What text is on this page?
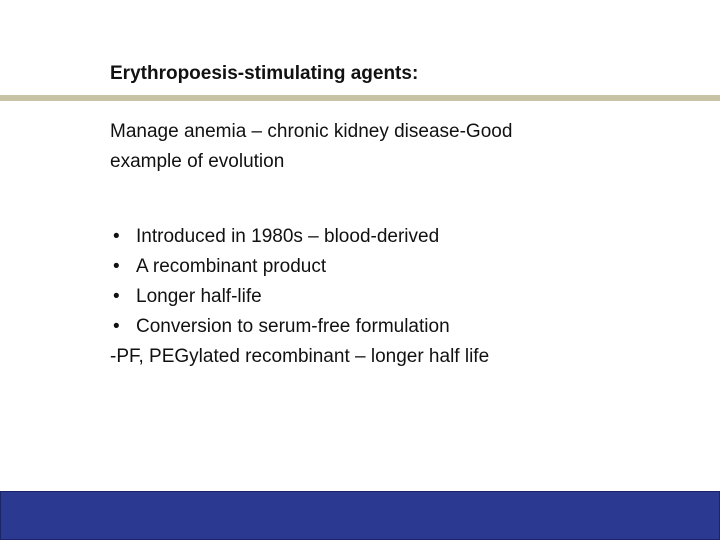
Erythropoesis-stimulating agents:
Manage anemia – chronic kidney disease-Good
example of evolution
• Introduced in 1980s – blood-derived
• A recombinant product
• Longer half-life
• Conversion to serum-free formulation
-PF, PEGylated recombinant – longer half life
